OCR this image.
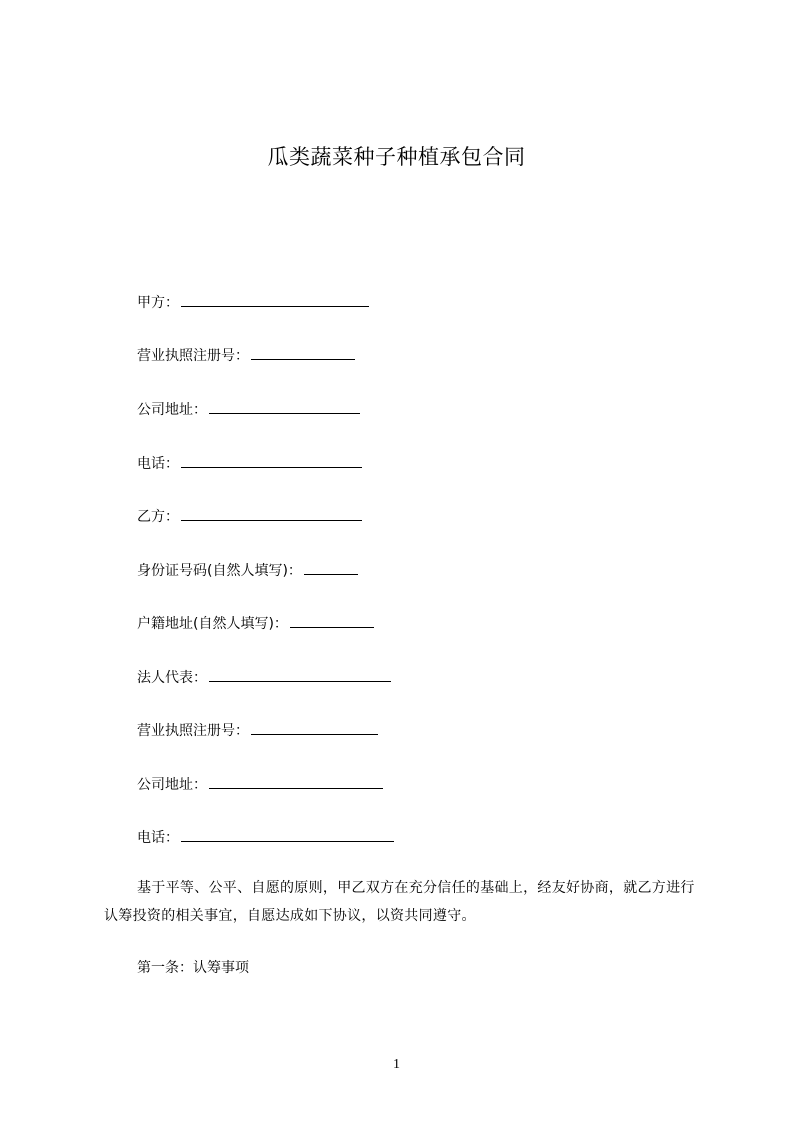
瓜类蔬菜种子种植承包合同
甲方：
营业执照注册号：
公司地址：
电话：
乙方：
身份证号码(自然人填写)：
户籍地址(自然人填写)：
法人代表：
营业执照注册号：
公司地址：
电话：
基于平等、公平、自愿的原则，甲乙双方在充分信任的基础上，经友好协商，就乙方进行认筹投资的相关事宜，自愿达成如下协议，以资共同遵守。
第一条：认筹事项
1
